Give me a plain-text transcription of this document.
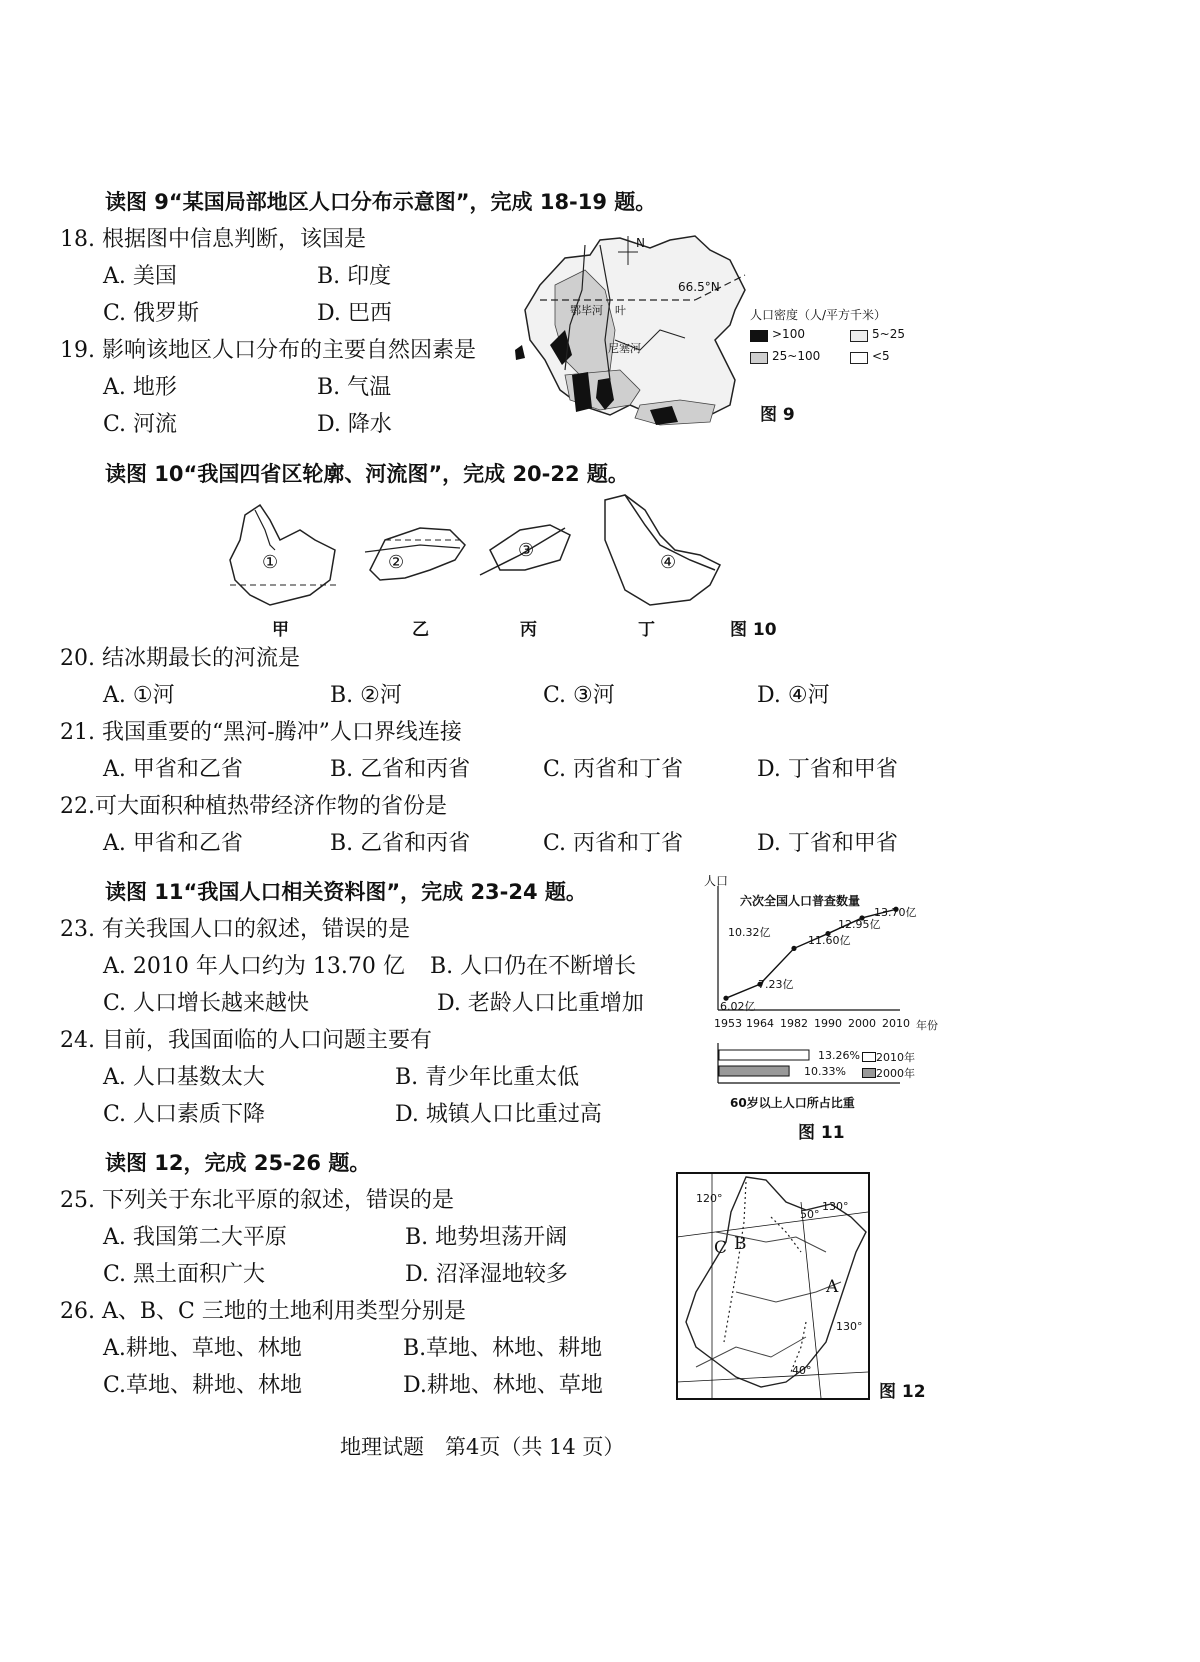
读图 9“某国局部地区人口分布示意图”，完成 18-19 题。
18. 根据图中信息判断，该国是
A. 美国	B. 印度
C. 俄罗斯	D. 巴西
19. 影响该地区人口分布的主要自然因素是
A. 地形	B. 气温
C. 河流	D. 降水
N
66.5°N
鄂毕河 叶
尼塞河
人口密度（人/平方千米）
>100	5~25
25~100	<5
图 9
读图 10“我国四省区轮廓、河流图”，完成 20-22 题。
①	②
③
④
甲	乙	丙	丁	图 10
20. 结冰期最长的河流是
A. ①河	B. ②河	C. ③河	D. ④河
21. 我国重要的“黑河-腾冲”人口界线连接
A. 甲省和乙省	B. 乙省和丙省	C. 丙省和丁省	D. 丁省和甲省
22.可大面积种植热带经济作物的省份是
A. 甲省和乙省	B. 乙省和丙省	C. 丙省和丁省	D. 丁省和甲省
读图 11“我国人口相关资料图”，完成 23-24 题。
23. 有关我国人口的叙述，错误的是
A. 2010 年人口约为 13.70 亿 B. 人口仍在不断增长
C. 人口增长越来越快	D. 老龄人口比重增加
24. 目前，我国面临的人口问题主要有
A. 人口基数太大	B. 青少年比重太低
C. 人口素质下降	D. 城镇人口比重过高
人口
六次全国人口普查数量
6.02亿
7.23亿
10.32亿
11.60亿
12.95亿
13.70亿
1953 1964 1982 1990 2000 2010 年份
13.26%
10.33%
2010年
2000年
60岁以上人口所占比重
图 11
读图 12，完成 25-26 题。
25. 下列关于东北平原的叙述，错误的是
A. 我国第二大平原	B. 地势坦荡开阔
C. 黑土面积广大	D. 沼泽湿地较多
26. A、B、C 三地的土地利用类型分别是
A.耕地、草地、林地	B.草地、林地、耕地
C.草地、耕地、林地	D.耕地、林地、草地
A
B
C
120°
50°
130°
130°
40°
图 12
地理试题　第4页（共 14 页）
